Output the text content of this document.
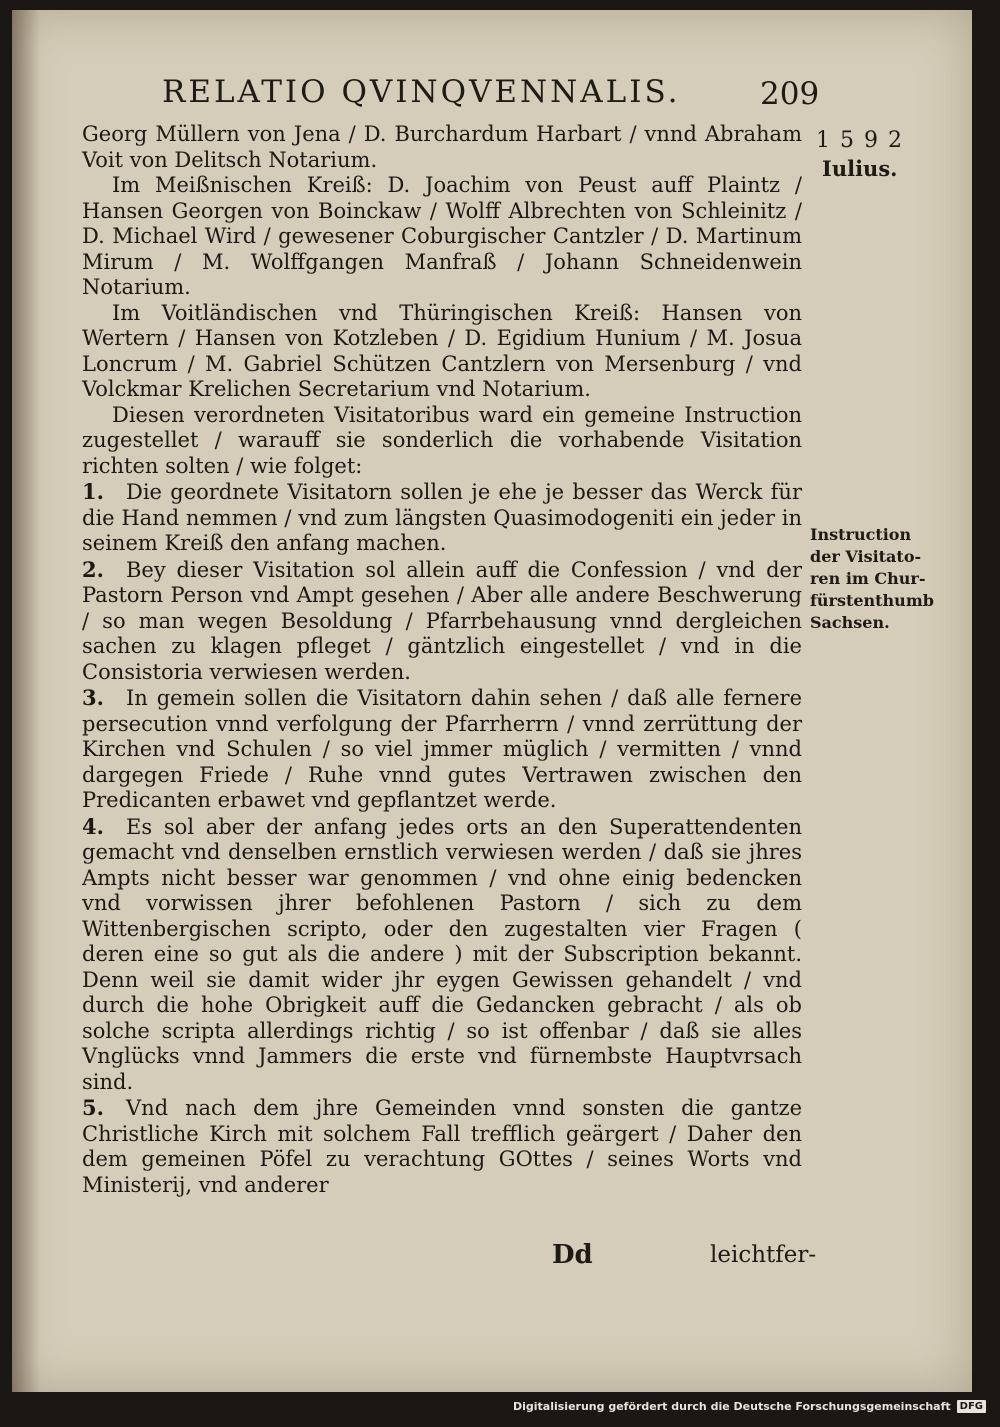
RELATIO QVINQVENNALIS.	209
1592
Iulius.
Instruction
der Visitato-
ren im Chur-
fürstenthumb
Sachsen.

Georg Müllern von Jena / D. Burchardum Harbart / vnnd Abraham Voit von Delitsch Notarium.

Im Meißnischen Kreiß: D. Joachim von Peust auff Plaintz / Hansen Georgen von Boinckaw / Wolff Albrechten von Schleinitz / D. Michael Wird / gewesener Coburgischer Cantzler / D. Martinum Mirum / M. Wolffgangen Manfraß / Johann Schneidenwein Notarium.

Im Voitländischen vnd Thüringischen Kreiß: Hansen von Wertern / Hansen von Kotzleben / D. Egidium Hunium / M. Josua Loncrum / M. Gabriel Schützen Cantzlern von Mersenburg / vnd Volckmar Krelichen Secretarium vnd Notarium.

Diesen verordneten Visitatoribus ward ein gemeine Instruction zugestellet / warauff sie sonderlich die vorhabende Visitation richten solten / wie folget:

1. Die geordnete Visitatorn sollen je ehe je besser das Werck für die Hand nemmen / vnd zum längsten Quasimodogeniti ein jeder in seinem Kreiß den anfang machen.

2. Bey dieser Visitation sol allein auff die Confession / vnd der Pastorn Person vnd Ampt gesehen / Aber alle andere Beschwerung / so man wegen Besoldung / Pfarrbehausung vnnd dergleichen sachen zu klagen pfleget / gäntzlich eingestellet / vnd in die Consistoria verwiesen werden.

3. In gemein sollen die Visitatorn dahin sehen / daß alle fernere persecution vnnd verfolgung der Pfarrherrn / vnnd zerrüttung der Kirchen vnd Schulen / so viel jmmer müglich / vermitten / vnnd dargegen Friede / Ruhe vnnd gutes Vertrawen zwischen den Predicanten erbawet vnd gepflantzet werde.

4. Es sol aber der anfang jedes orts an den Superattendenten gemacht vnd denselben ernstlich verwiesen werden / daß sie jhres Ampts nicht besser war genommen / vnd ohne einig bedencken vnd vorwissen jhrer befohlenen Pastorn / sich zu dem Wittenbergischen scripto, oder den zugestalten vier Fragen ( deren eine so gut als die andere ) mit der Subscription bekannt. Denn weil sie damit wider jhr eygen Gewissen gehandelt / vnd durch die hohe Obrigkeit auff die Gedancken gebracht / als ob solche scripta allerdings richtig / so ist offenbar / daß sie alles Vnglücks vnnd Jammers die erste vnd fürnembste Hauptvrsach sind.

5. Vnd nach dem jhre Gemeinden vnnd sonsten die gantze Christliche Kirch mit solchem Fall trefflich geärgert / Daher den dem gemeinen Pöfel zu verachtung GOttes / seines Worts vnd Ministerij, vnd anderer

Dd	leichtfer-
Digitalisierung gefördert durch die Deutsche Forschungsgemeinschaft DFG
